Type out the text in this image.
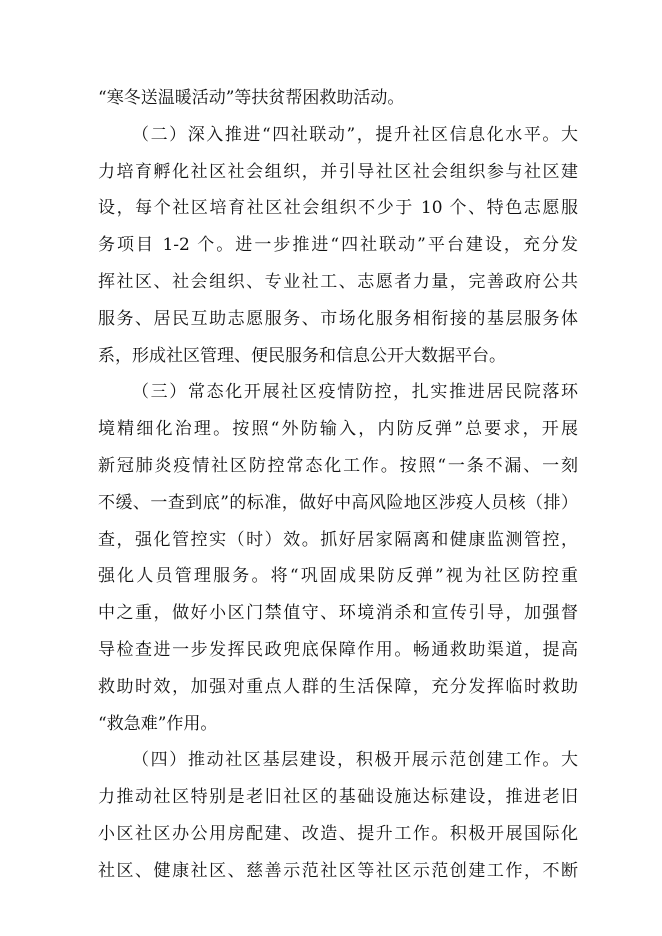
“寒冬送温暖活动”等扶贫帮困救助活动。
（二）深入推进“四社联动”，提升社区信息化水平。大
力培育孵化社区社会组织，并引导社区社会组织参与社区建
设，每个社区培育社区社会组织不少于 10 个、特色志愿服
务项目 1-2 个。进一步推进“四社联动”平台建设，充分发
挥社区、社会组织、专业社工、志愿者力量，完善政府公共
服务、居民互助志愿服务、市场化服务相衔接的基层服务体
系，形成社区管理、便民服务和信息公开大数据平台。
（三）常态化开展社区疫情防控，扎实推进居民院落环
境精细化治理。按照“外防输入，内防反弹”总要求，开展
新冠肺炎疫情社区防控常态化工作。按照“一条不漏、一刻
不缓、一查到底”的标准，做好中高风险地区涉疫人员核（排）
查，强化管控实（时）效。抓好居家隔离和健康监测管控，
强化人员管理服务。将“巩固成果防反弹”视为社区防控重
中之重，做好小区门禁值守、环境消杀和宣传引导，加强督
导检查进一步发挥民政兜底保障作用。畅通救助渠道，提高
救助时效，加强对重点人群的生活保障，充分发挥临时救助
“救急难”作用。
（四）推动社区基层建设，积极开展示范创建工作。大
力推动社区特别是老旧社区的基础设施达标建设，推进老旧
小区社区办公用房配建、改造、提升工作。积极开展国际化
社区、健康社区、慈善示范社区等社区示范创建工作，不断
